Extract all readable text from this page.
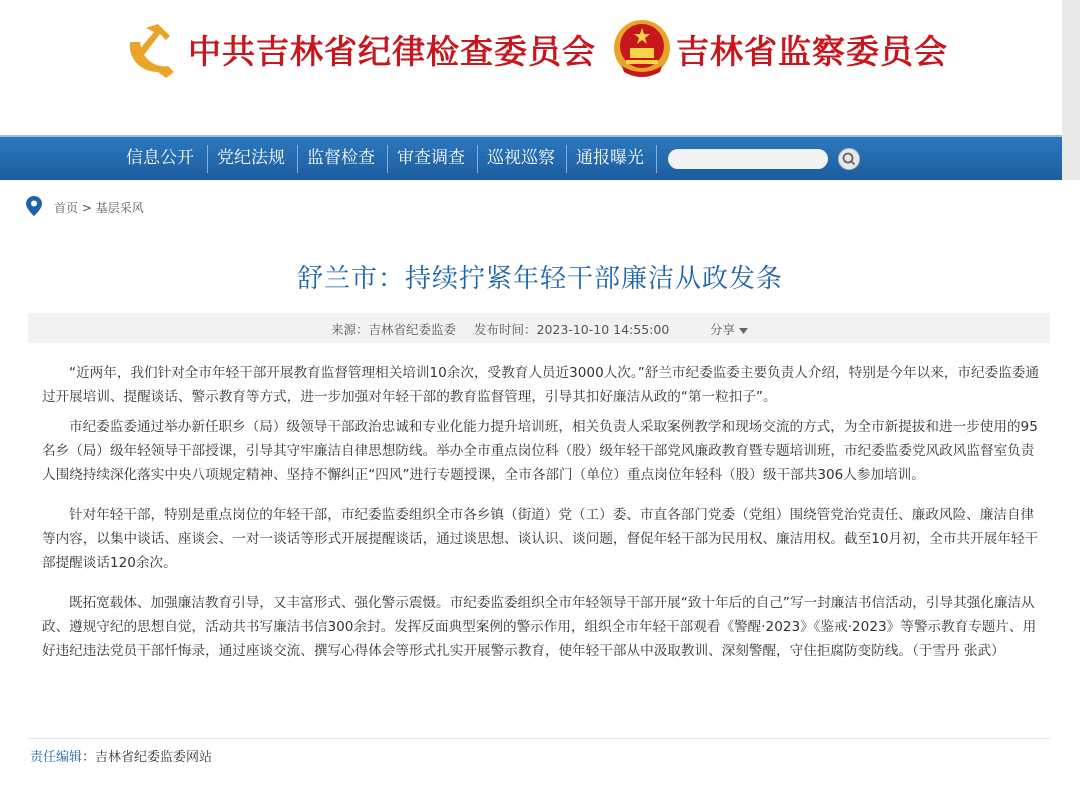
中共吉林省纪律检查委员会 吉林省监察委员会
信息公开	党纪法规	监督检查	审查调查	巡视巡察	通报曝光
首页 > 基层采风
舒兰市：持续拧紧年轻干部廉洁从政发条
来源：吉林省纪委监委 发布时间：2023-10-10 14:55:00	分享

“近两年，我们针对全市年轻干部开展教育监督管理相关培训10余次，受教育人员近3000人次。”舒兰市纪委监委主要负责人介绍，特别是今年以来，市纪委监委通过开展培训、提醒谈话、警示教育等方式，进一步加强对年轻干部的教育监督管理，引导其扣好廉洁从政的“第一粒扣子”。

市纪委监委通过举办新任职乡（局）级领导干部政治忠诚和专业化能力提升培训班，相关负责人采取案例教学和现场交流的方式，为全市新提拔和进一步使用的95名乡（局）级年轻领导干部授课，引导其守牢廉洁自律思想防线。举办全市重点岗位科（股）级年轻干部党风廉政教育暨专题培训班，市纪委监委党风政风监督室负责人围绕持续深化落实中央八项规定精神、坚持不懈纠正“四风”进行专题授课，全市各部门（单位）重点岗位年轻科（股）级干部共306人参加培训。

针对年轻干部，特别是重点岗位的年轻干部，市纪委监委组织全市各乡镇（街道）党（工）委、市直各部门党委（党组）围绕管党治党责任、廉政风险、廉洁自律等内容，以集中谈话、座谈会、一对一谈话等形式开展提醒谈话，通过谈思想、谈认识、谈问题，督促年轻干部为民用权、廉洁用权。截至10月初，全市共开展年轻干部提醒谈话120余次。

既拓宽载体、加强廉洁教育引导，又丰富形式、强化警示震慑。市纪委监委组织全市年轻领导干部开展“致十年后的自己”写一封廉洁书信活动，引导其强化廉洁从政、遵规守纪的思想自觉，活动共书写廉洁书信300余封。发挥反面典型案例的警示作用，组织全市年轻干部观看《警醒·2023》《鉴戒·2023》等警示教育专题片、用好违纪违法党员干部忏悔录，通过座谈交流、撰写心得体会等形式扎实开展警示教育，使年轻干部从中汲取教训、深刻警醒，守住拒腐防变防线。（于雪丹 张武）

责任编辑：吉林省纪委监委网站
